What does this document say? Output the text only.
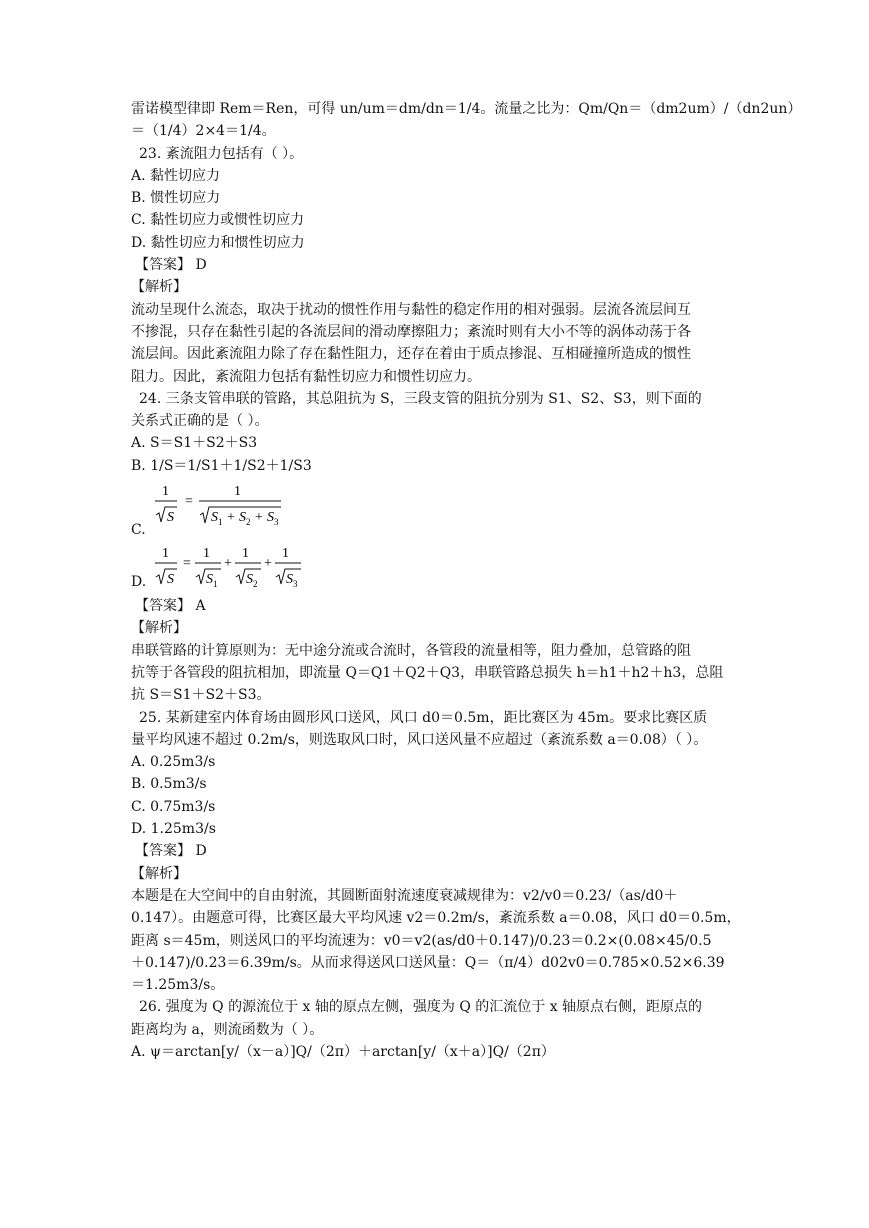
雷诺模型律即 Rem＝Ren，可得 un/um＝dm/dn＝1/4。流量之比为：Qm/Qn＝（dm2um）/（dn2un）
＝（1/4）2×4＝1/4。
23. 紊流阻力包括有（ ）。
A. 黏性切应力
B. 惯性切应力
C. 黏性切应力或惯性切应力
D. 黏性切应力和惯性切应力
【答案】 D
【解析】
流动呈现什么流态，取决于扰动的惯性作用与黏性的稳定作用的相对强弱。层流各流层间互
不掺混，只存在黏性引起的各流层间的滑动摩擦阻力；紊流时则有大小不等的涡体动荡于各
流层间。因此紊流阻力除了存在黏性阻力，还存在着由于质点掺混、互相碰撞所造成的惯性
阻力。因此，紊流阻力包括有黏性切应力和惯性切应力。
24. 三条支管串联的管路，其总阻抗为 S，三段支管的阻抗分别为 S1、S2、S3，则下面的
关系式正确的是（ ）。
A. S＝S1＋S2＋S3
B. 1/S＝1/S1＋1/S2＋1/S3
C.
1
S
=
1
S 1 + S 2 + S 3
D.
1
S
=
1
S 1
+
1
S 2
+
1
S 3
【答案】 A
【解析】
串联管路的计算原则为：无中途分流或合流时，各管段的流量相等，阻力叠加，总管路的阻
抗等于各管段的阻抗相加，即流量 Q＝Q1＋Q2＋Q3，串联管路总损失 h＝h1＋h2＋h3，总阻
抗 S＝S1＋S2＋S3。
25. 某新建室内体育场由圆形风口送风，风口 d0＝0.5m，距比赛区为 45m。要求比赛区质
量平均风速不超过 0.2m/s，则选取风口时，风口送风量不应超过（紊流系数 a＝0.08）（ ）。
A. 0.25m3/s
B. 0.5m3/s
C. 0.75m3/s
D. 1.25m3/s
【答案】 D
【解析】
本题是在大空间中的自由射流，其圆断面射流速度衰减规律为：v2/v0＝0.23/（as/d0＋
0.147）。由题意可得，比赛区最大平均风速 v2＝0.2m/s，紊流系数 a＝0.08，风口 d0＝0.5m，
距离 s＝45m，则送风口的平均流速为：v0＝v2(as/d0＋0.147)/0.23＝0.2×(0.08×45/0.5
＋0.147)/0.23＝6.39m/s。从而求得送风口送风量：Q＝（π/4）d02v0＝0.785×0.52×6.39
＝1.25m3/s。
26. 强度为 Q 的源流位于 x 轴的原点左侧，强度为 Q 的汇流位于 x 轴原点右侧，距原点的
距离均为 a，则流函数为（ ）。
A. ψ＝arctan[y/（x－a）]Q/（2π）＋arctan[y/（x＋a）]Q/（2π）
